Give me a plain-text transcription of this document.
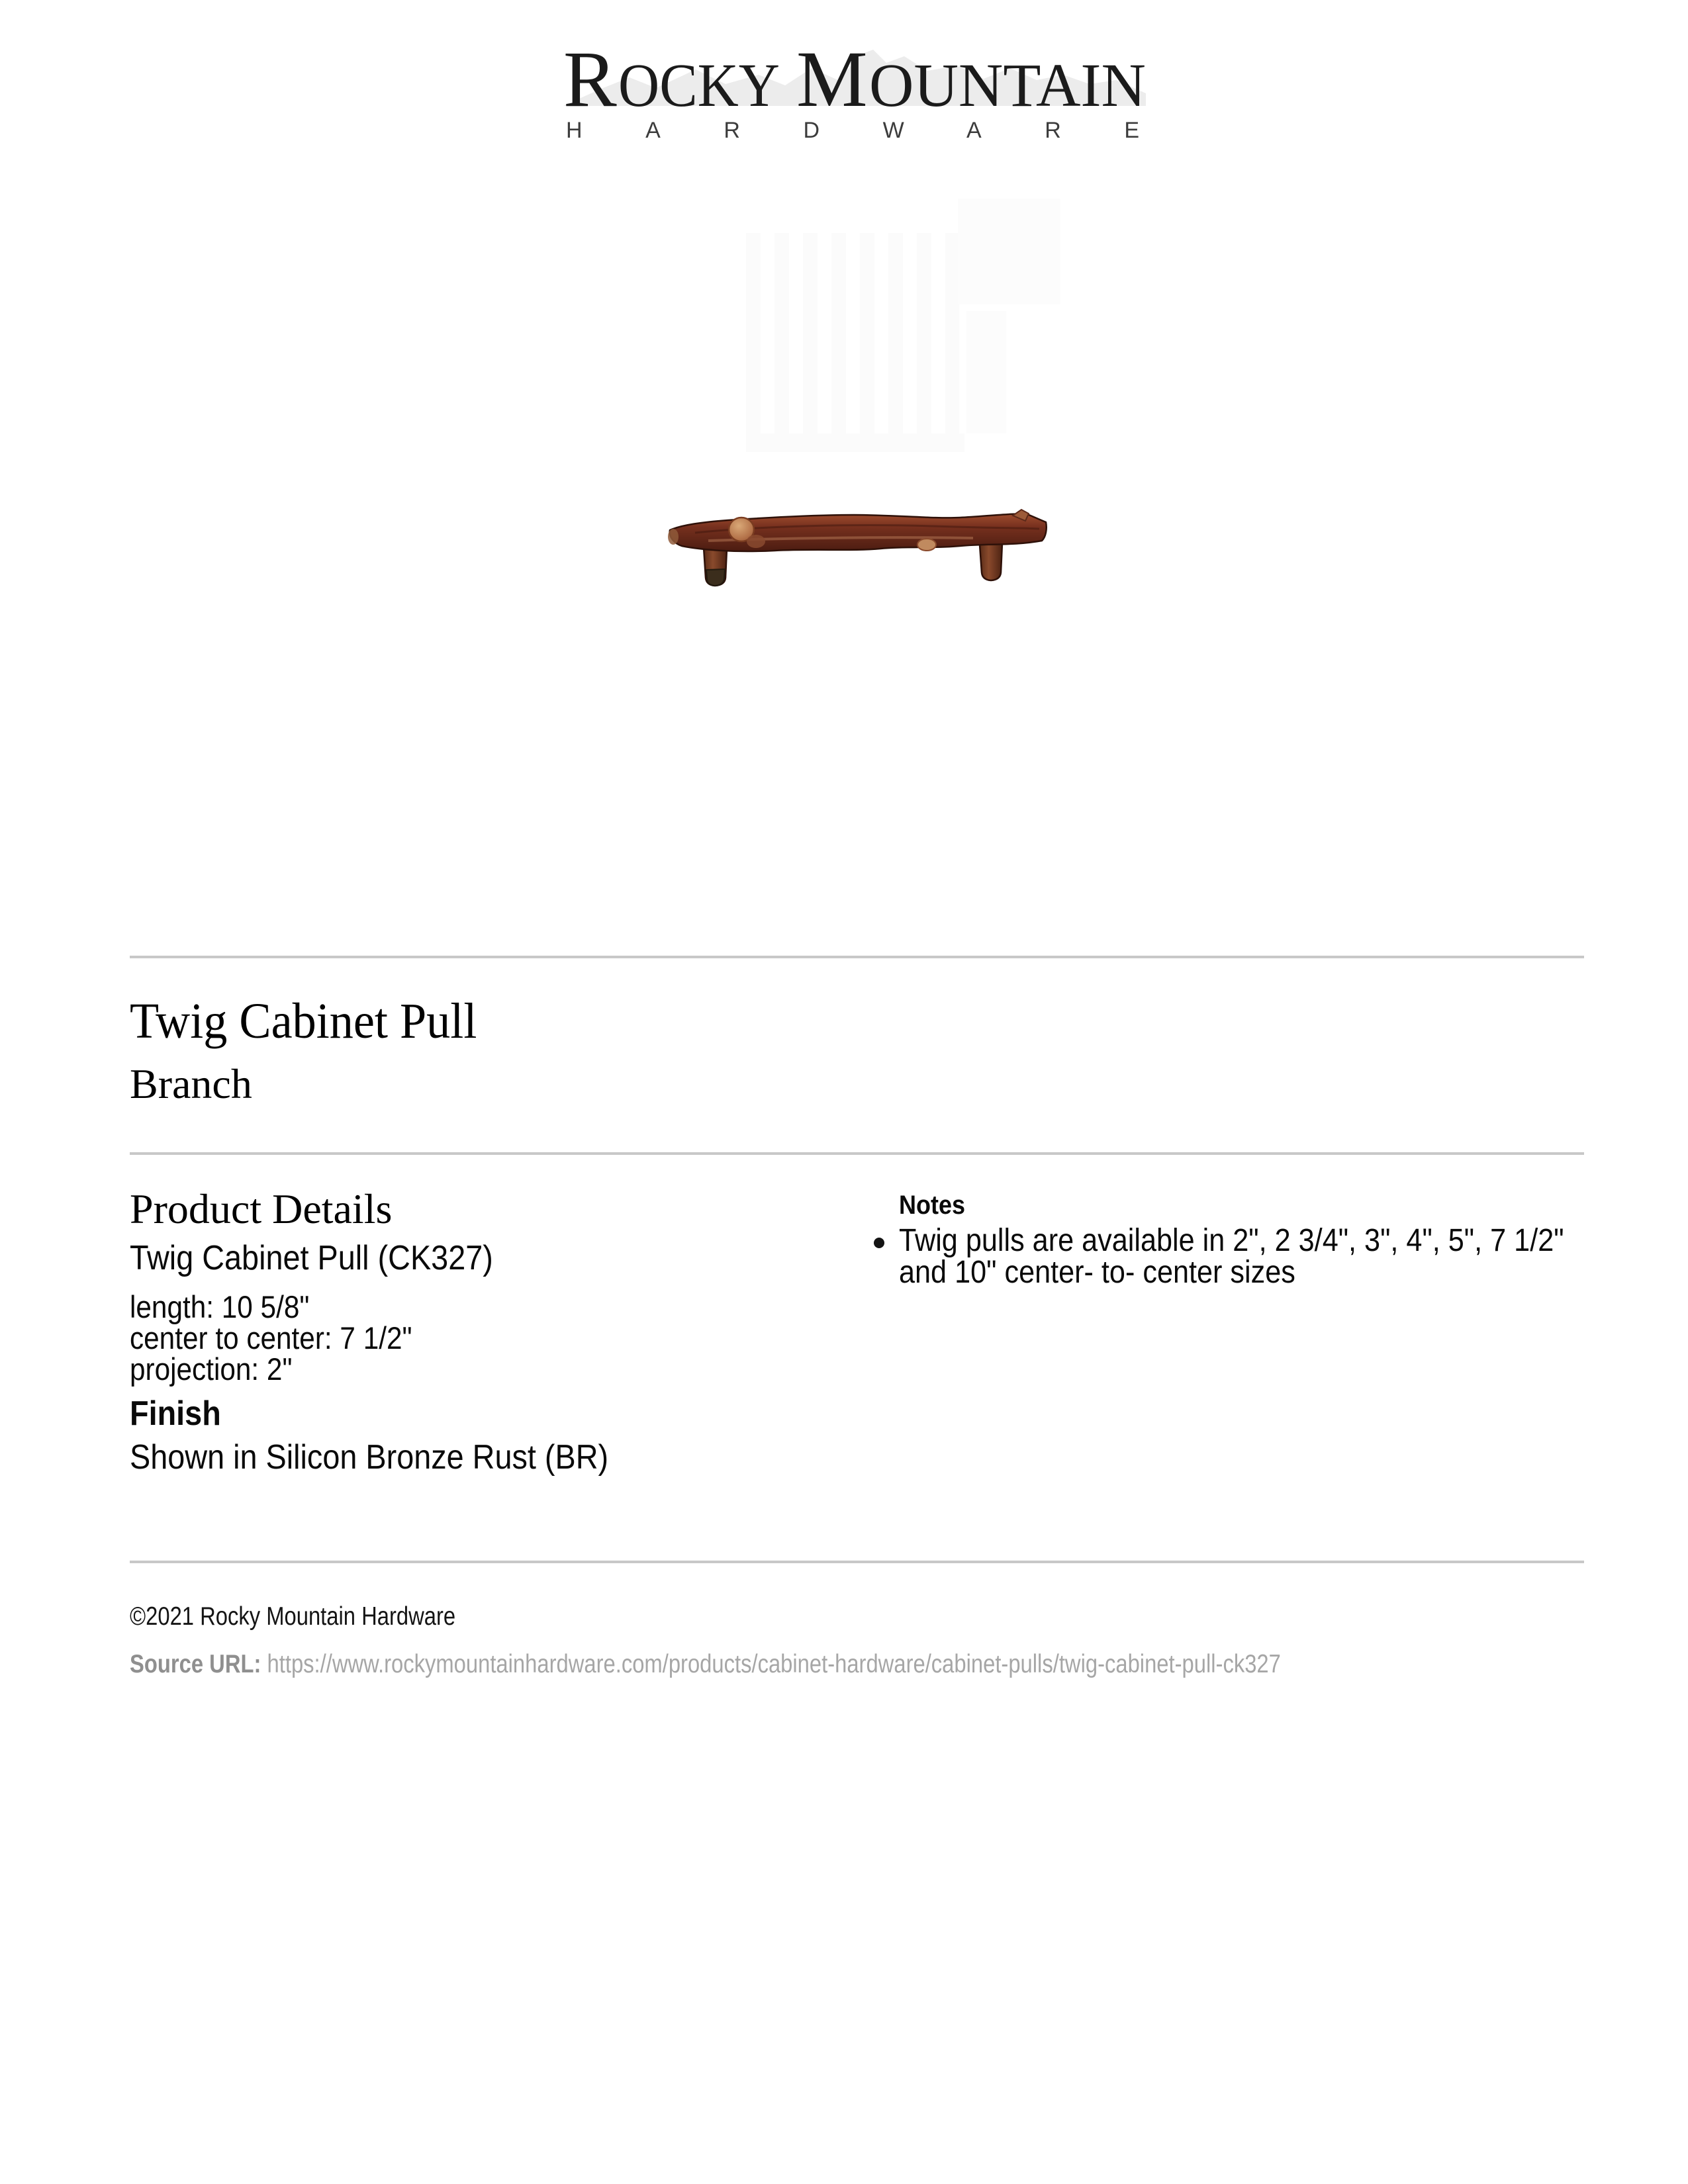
R OCKY M OUNTAIN
HARDWARE
Twig Cabinet Pull
Branch
Product Details
Twig Cabinet Pull (CK327)
length: 10 5/8"
center to center: 7 1/2"
projection: 2"
Finish
Shown in Silicon Bronze Rust (BR)
Notes
Twig pulls are available in 2", 2 3/4", 3", 4", 5", 7 1/2"
and 10" center- to- center sizes
©2021 Rocky Mountain Hardware
Source URL: https://www.rockymountainhardware.com/products/cabinet-hardware/cabinet-pulls/twig-cabinet-pull-ck327
